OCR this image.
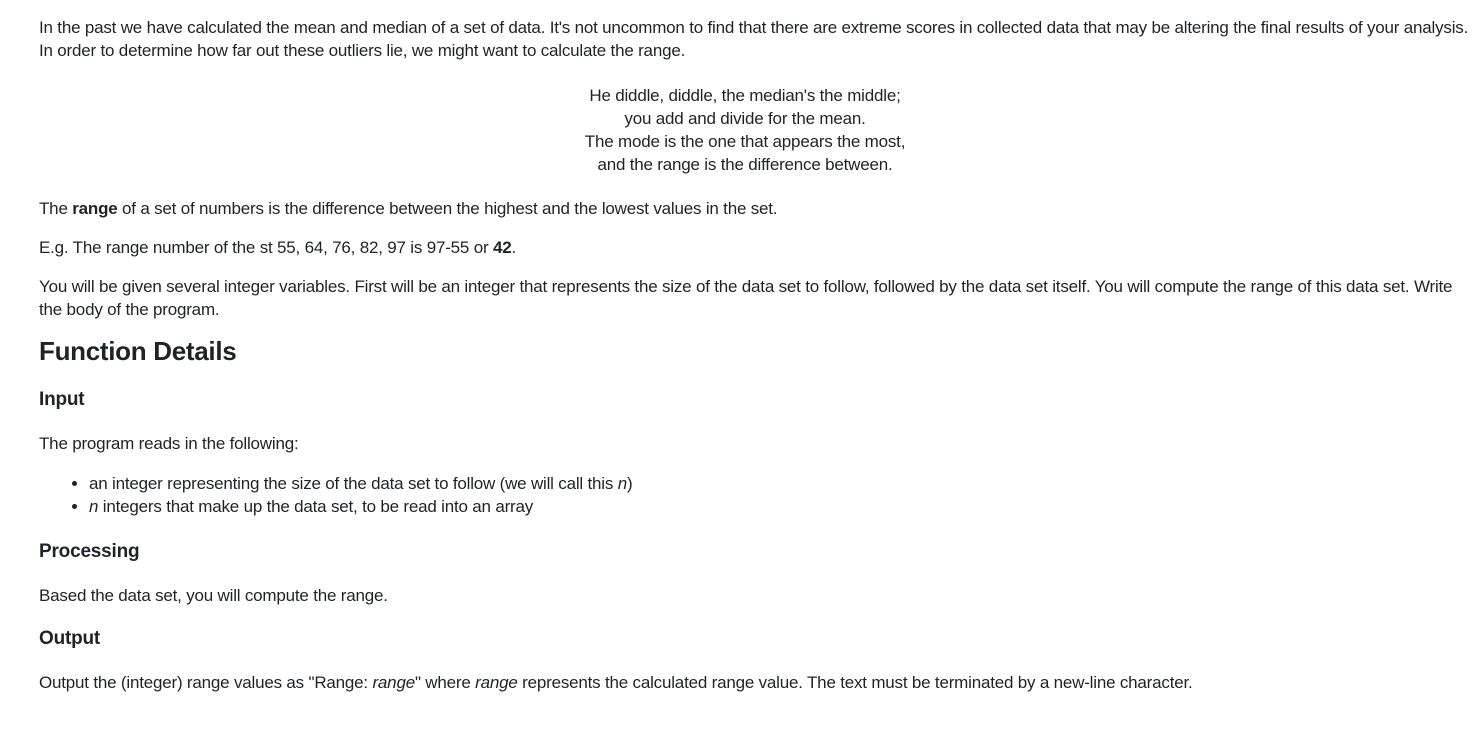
In the past we have calculated the mean and median of a set of data. It's not uncommon to find that there are extreme scores in collected data that may be altering the final results of your analysis. In order to determine how far out these outliers lie, we might want to calculate the range.

He diddle, diddle, the median's the middle;
you add and divide for the mean.
The mode is the one that appears the most,
and the range is the difference between.

The range of a set of numbers is the difference between the highest and the lowest values in the set.

E.g. The range number of the st 55, 64, 76, 82, 97 is 97-55 or 42.

You will be given several integer variables. First will be an integer that represents the size of the data set to follow, followed by the data set itself. You will compute the range of this data set. Write the body of the program.

Function Details
Input

The program reads in the following:

• an integer representing the size of the data set to follow (we will call this n)
• n integers that make up the data set, to be read into an array
Processing

Based the data set, you will compute the range.

Output

Output the (integer) range values as "Range: range" where range represents the calculated range value. The text must be terminated by a new-line character.
